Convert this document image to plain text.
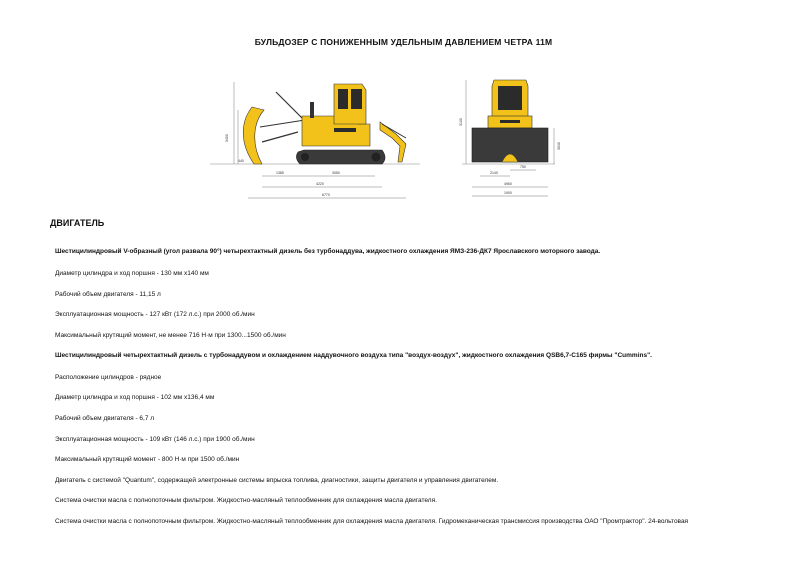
БУЛЬДОЗЕР С ПОНИЖЕННЫМ УДЕЛЬНЫМ ДАВЛЕНИЕМ ЧЕТРА 11М
3400
1385	3050
4220
6770
440
3100
3040
2140
750
4960
1900
ДВИГАТЕЛЬ
Шестицилиндровый V-образный (угол развала 90°) четырехтактный дизель без турбонаддува, жидкостного охлаждения ЯМЗ-236-ДК7 Ярославского моторного завода.
Диаметр цилиндра и ход поршня - 130 мм х140 мм
Рабочий объем двигателя - 11,15 л
Эксплуатационная мощность - 127 кВт (172 л.с.) при 2000 об./мин
Максимальный крутящий момент, не менее 716 Н·м при 1300...1500 об./мин
Шестицилиндровый четырехтактный дизель с турбонаддувом и охлаждением наддувочного воздуха типа "воздух-воздух", жидкостного охлаждения QSB6,7-C165 фирмы "Cummins".
Расположение цилиндров - рядное
Диаметр цилиндра и ход поршня - 102 мм х136,4 мм
Рабочий объем двигателя - 6,7 л
Эксплуатационная мощность - 109 кВт (146 л.с.) при 1900 об./мин
Максимальный крутящий момент - 800 Н·м при 1500 об./мин
Двигатель с системой "Quantum", содержащей электронные системы впрыска топлива, диагностики, защиты двигателя и управления двигателем.
Система очистки масла с полнопоточным фильтром. Жидкостно-масляный теплообменник для охлаждения масла двигателя.
Система очистки масла с полнопоточным фильтром. Жидкостно-масляный теплообменник для охлаждения масла двигателя. Гидромеханическая трансмиссия производства ОАО "Промтрактор". 24-вольтовая
